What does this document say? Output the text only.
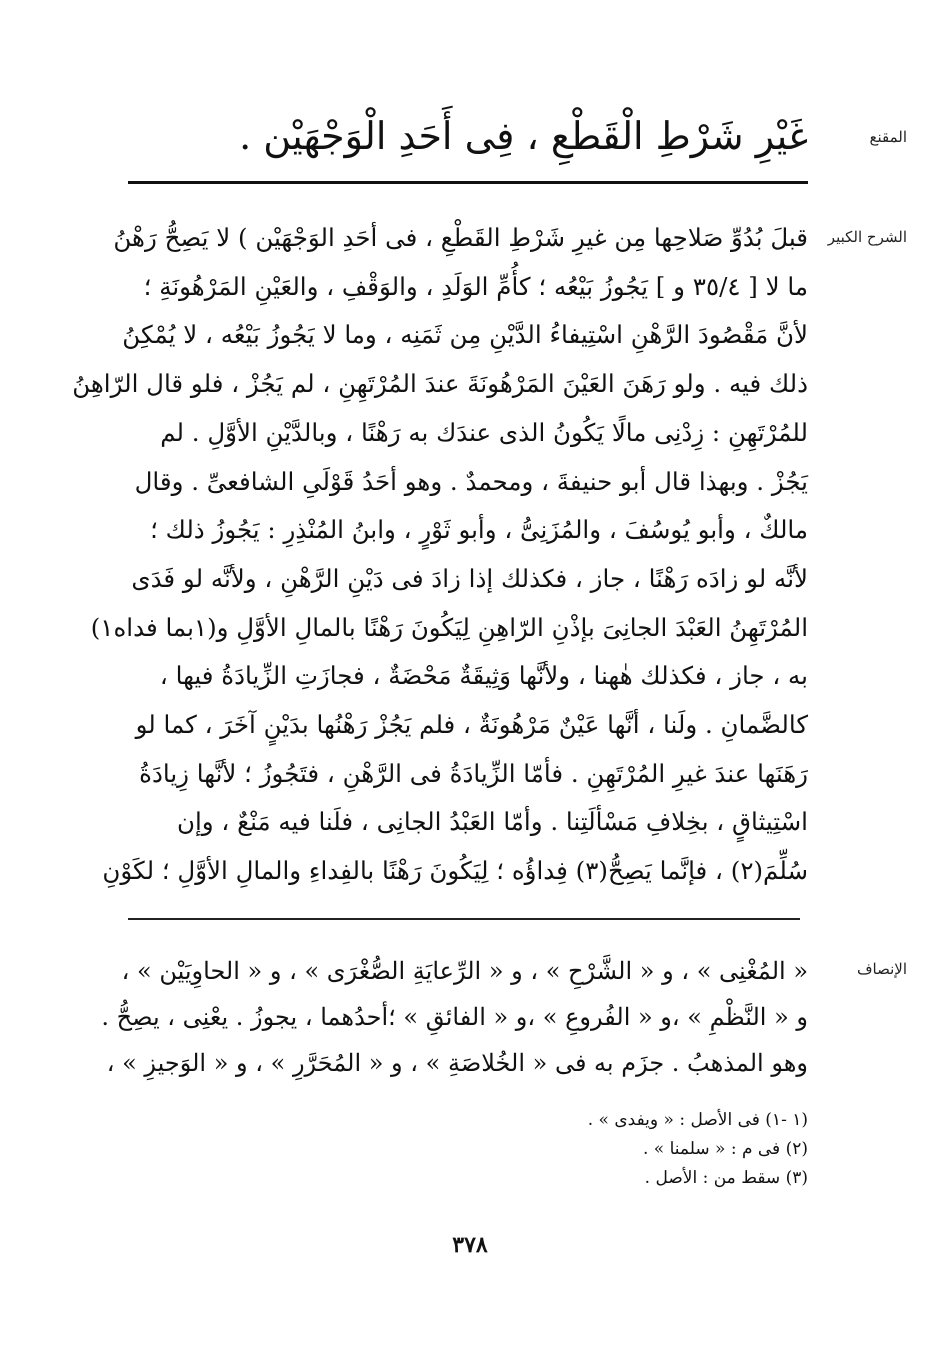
المقنع
غَيْرِ شَرْطِ الْقَطْعِ ، فِى أَحَدِ الْوَجْهَيْن .
الشرح الكبير
قبلَ بُدُوِّ صَلاحِها مِن غيرِ شَرْطِ القَطْعِ ، فى أحَدِ الوَجْهَيْن ) لا يَصِحُّ رَهْنُ
ما لا [ ٣٥/٤ و ] يَجُوزُ بَيْعُه ؛ كأُمِّ الوَلَدِ ، والوَقْفِ ، والعَيْنِ المَرْهُونَةِ ؛
لأنَّ مَقْصُودَ الرَّهْنِ اسْتِيفاءُ الدَّيْنِ مِن ثَمَنِه ، وما لا يَجُوزُ بَيْعُه ، لا يُمْكِنُ
ذلك فيه . ولو رَهَنَ العَيْنَ المَرْهُونَةَ عندَ المُرْتَهِنِ ، لم يَجُزْ ، فلو قال الرّاهِنُ
للمُرْتَهِنِ : زِدْنِى مالًا يَكُونُ الذى عندَك به رَهْنًا ، وبالدَّيْنِ الأوَّلِ . لم
يَجُزْ . وبهذا قال أبو حنيفةَ ، ومحمدٌ . وهو أحَدُ قَوْلَىِ الشافعىِّ . وقال
مالكٌ ، وأبو يُوسُفَ ، والمُزَنِىُّ ، وأبو ثَوْرٍ ، وابنُ المُنْذِرِ : يَجُوزُ ذلك ؛
لأنَّه لو زادَه رَهْنًا ، جاز ، فكذلك إذا زادَ فى دَيْنِ الرَّهْنِ ، ولأنَّه لو فَدَى
المُرْتَهِنُ العَبْدَ الجانِىَ بإذْنِ الرّاهِنِ لِيَكُونَ رَهْنًا بالمالِ الأوَّلِ و(١بما فداه١)
به ، جاز ، فكذلك هٰهنا ، ولأنَّها وَثِيقَةٌ مَحْضَةٌ ، فجازَتِ الزِّيادَةُ فيها ،
كالضَّمانِ . ولَنا ، أنَّها عَيْنٌ مَرْهُونَةٌ ، فلم يَجُزْ رَهْنُها بدَيْنٍ آخَرَ ، كما لو
رَهَنَها عندَ غيرِ المُرْتَهِنِ . فأمّا الزِّيادَةُ فى الرَّهْنِ ، فتَجُوزُ ؛ لأنَّها زِيادَةُ
اسْتِيثاقٍ ، بخِلافِ مَسْألَتِنا . وأمّا العَبْدُ الجانِى ، فلَنا فيه مَنْعٌ ، وإن
سُلِّمَ(٢) ، فإنَّما يَصِحُّ(٣) فِداؤُه ؛ لِيَكُونَ رَهْنًا بالفِداءِ والمالِ الأوَّلِ ؛ لكَوْنِ
الإنصاف
« المُغْنِى » ، و « الشَّرْحِ » ، و « الرِّعايَةِ الصُّغْرَى » ، و « الحاوِيَيْن » ،
و « النَّظْمِ » ،و « الفُروعِ » ،و « الفائقِ » ؛أحدُهما ، يجوزُ . يعْنِى ، يصِحُّ .
وهو المذهبُ . جزَم به فى « الخُلاصَةِ » ، و « المُحَرَّرِ » ، و « الوَجيزِ » ،
(١ -١) فى الأصل : « ويفدى » .
(٢) فى م : « سلمنا » .
(٣) سقط من : الأصل .
٣٧٨
